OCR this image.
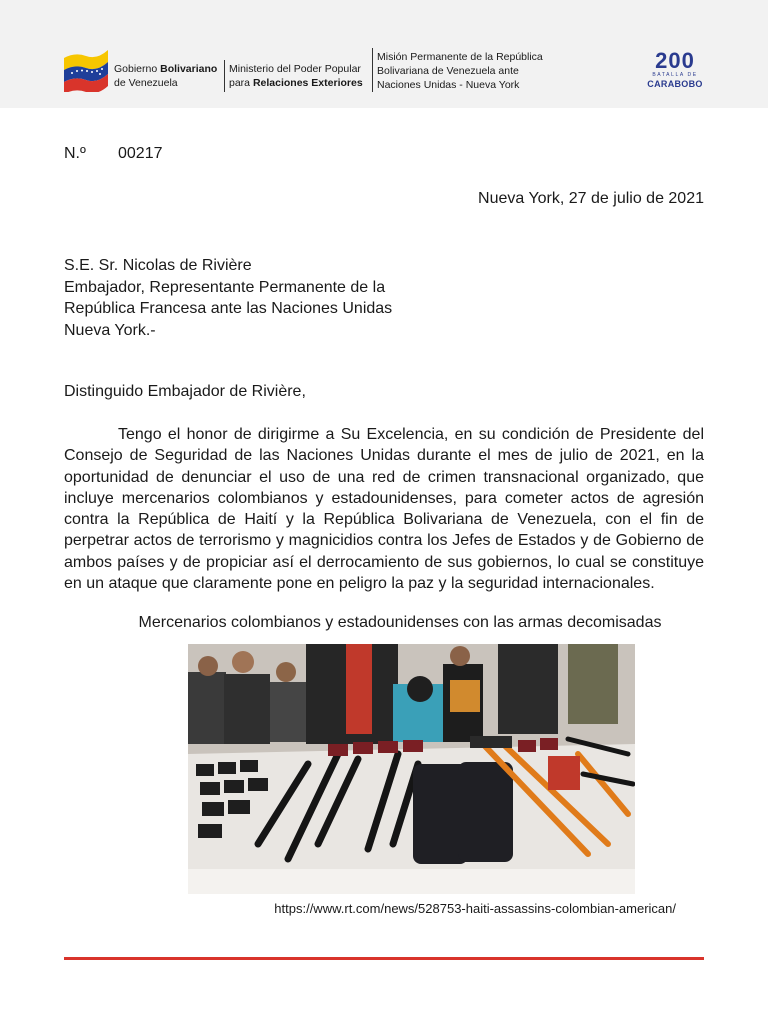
Gobierno Bolivariano
de Venezuela
Ministerio del Poder Popular
para Relaciones Exteriores
Misión Permanente de la República
Bolivariana de Venezuela ante
Naciones Unidas - Nueva York
200
BATALLA DE
CARABOBO
N.º 00217
Nueva York, 27 de julio de 2021
S.E. Sr. Nicolas de Rivière
Embajador, Representante Permanente de la
República Francesa ante las Naciones Unidas
Nueva York.-
Distinguido Embajador de Rivière,
Tengo el honor de dirigirme a Su Excelencia, en su condición de Presidente del Consejo de Seguridad de las Naciones Unidas durante el mes de julio de 2021, en la oportunidad de denunciar el uso de una red de crimen transnacional organizado, que incluye mercenarios colombianos y estadounidenses, para cometer actos de agresión contra la República de Haití y la República Bolivariana de Venezuela, con el fin de perpetrar actos de terrorismo y magnicidios contra los Jefes de Estados y de Gobierno de ambos países y de propiciar así el derrocamiento de sus gobiernos, lo cual se constituye en un ataque que claramente pone en peligro la paz y la seguridad internacionales.
Mercenarios colombianos y estadounidenses con las armas decomisadas
https://www.rt.com/news/528753-haiti-assassins-colombian-american/
